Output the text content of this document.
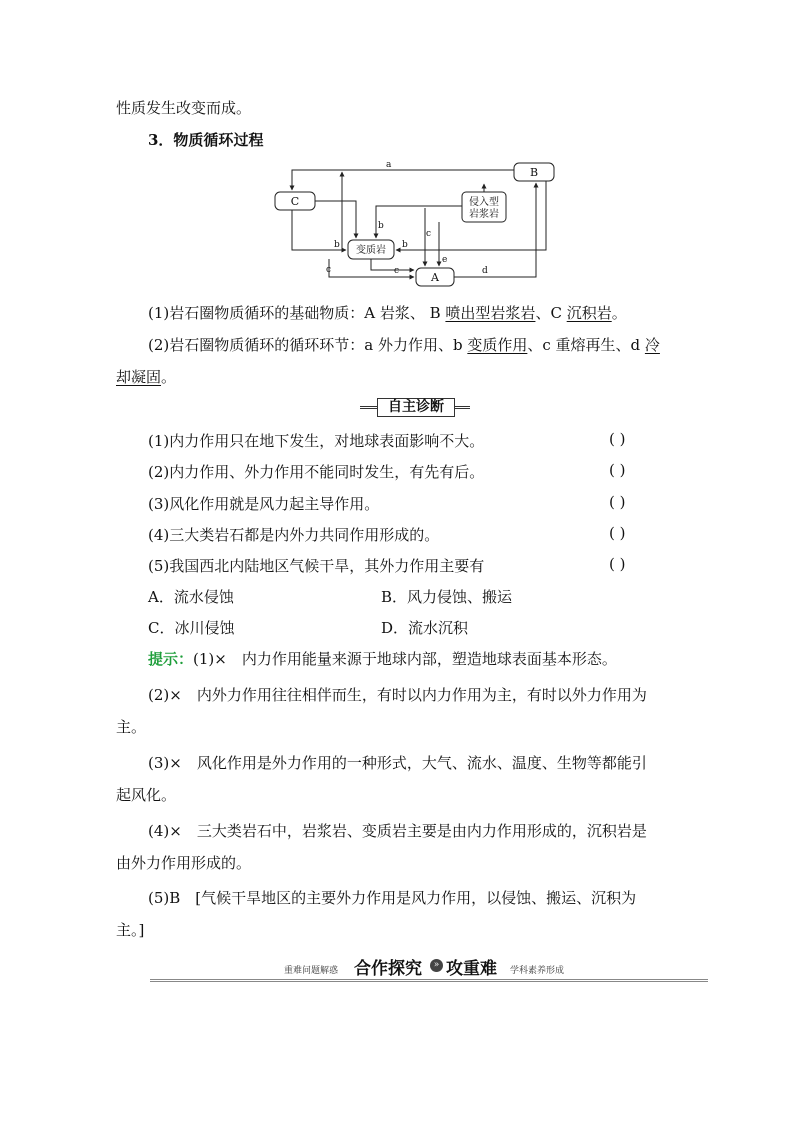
性质发生改变而成。
3．物质循环过程
B
C	侵入型
岩浆岩
变质岩
A
a
b
b
b
c
e
c	c	d
(1)岩石圈物质循环的基础物质：A 岩浆、 B 喷出型岩浆岩、C 沉积岩。
(2)岩石圈物质循环的循环环节：a 外力作用、b 变质作用、c 重熔再生、d 冷
却凝固。
自主诊断
(1)内力作用只在地下发生，对地球表面影响不大。	( )
(2)内力作用、外力作用不能同时发生，有先有后。	( )
(3)风化作用就是风力起主导作用。	( )
(4)三大类岩石都是内外力共同作用形成的。	( )
(5)我国西北内陆地区气候干旱，其外力作用主要有	( )
A．流水侵蚀	B．风力侵蚀、搬运
C．冰川侵蚀	D．流水沉积
提示：(1)×　内力作用能量来源于地球内部，塑造地球表面基本形态。
(2)×　内外力作用往往相伴而生，有时以内力作用为主，有时以外力作用为
主。
(3)×　风化作用是外力作用的一种形式，大气、流水、温度、生物等都能引
起风化。
(4)×　三大类岩石中，岩浆岩、变质岩主要是由内力作用形成的，沉积岩是
由外力作用形成的。
(5)B　[气候干旱地区的主要外力作用是风力作用，以侵蚀、搬运、沉积为
主。]
重难问题解惑 合作探究	» 攻重难 学科素养形成
